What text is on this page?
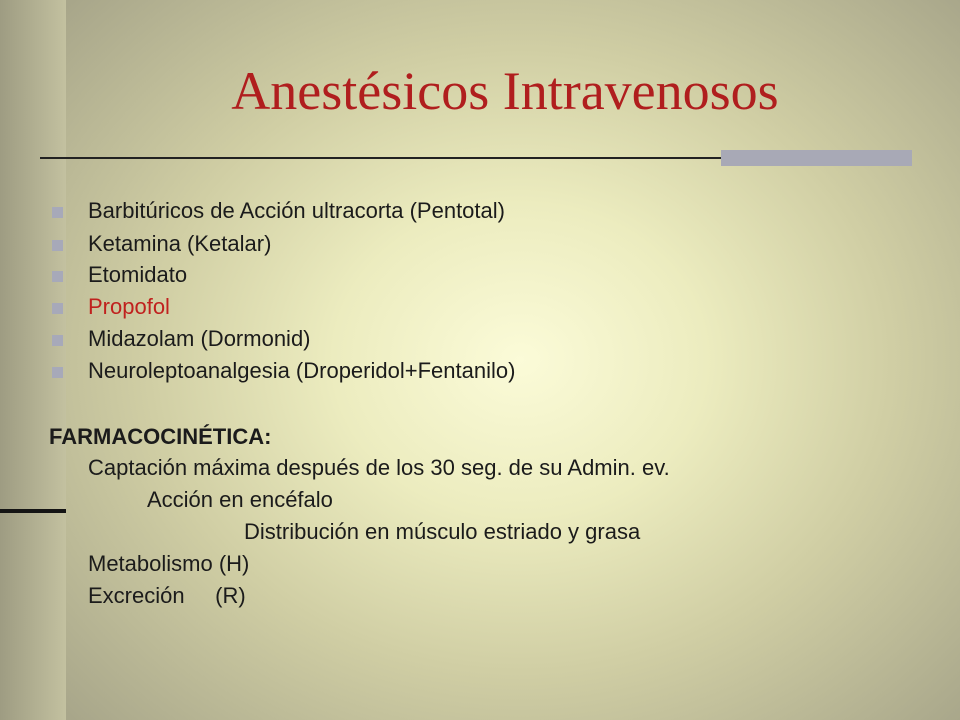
Anestésicos Intravenosos
Barbitúricos de Acción ultracorta (Pentotal)
Ketamina (Ketalar)
Etomidato
Propofol
Midazolam (Dormonid)
Neuroleptoanalgesia (Droperidol+Fentanilo)
FARMACOCINÉTICA:
Captación máxima después de los 30 seg. de su Admin. ev.
Acción en encéfalo
Distribución en músculo estriado y grasa
Metabolismo (H)
Excreción     (R)
